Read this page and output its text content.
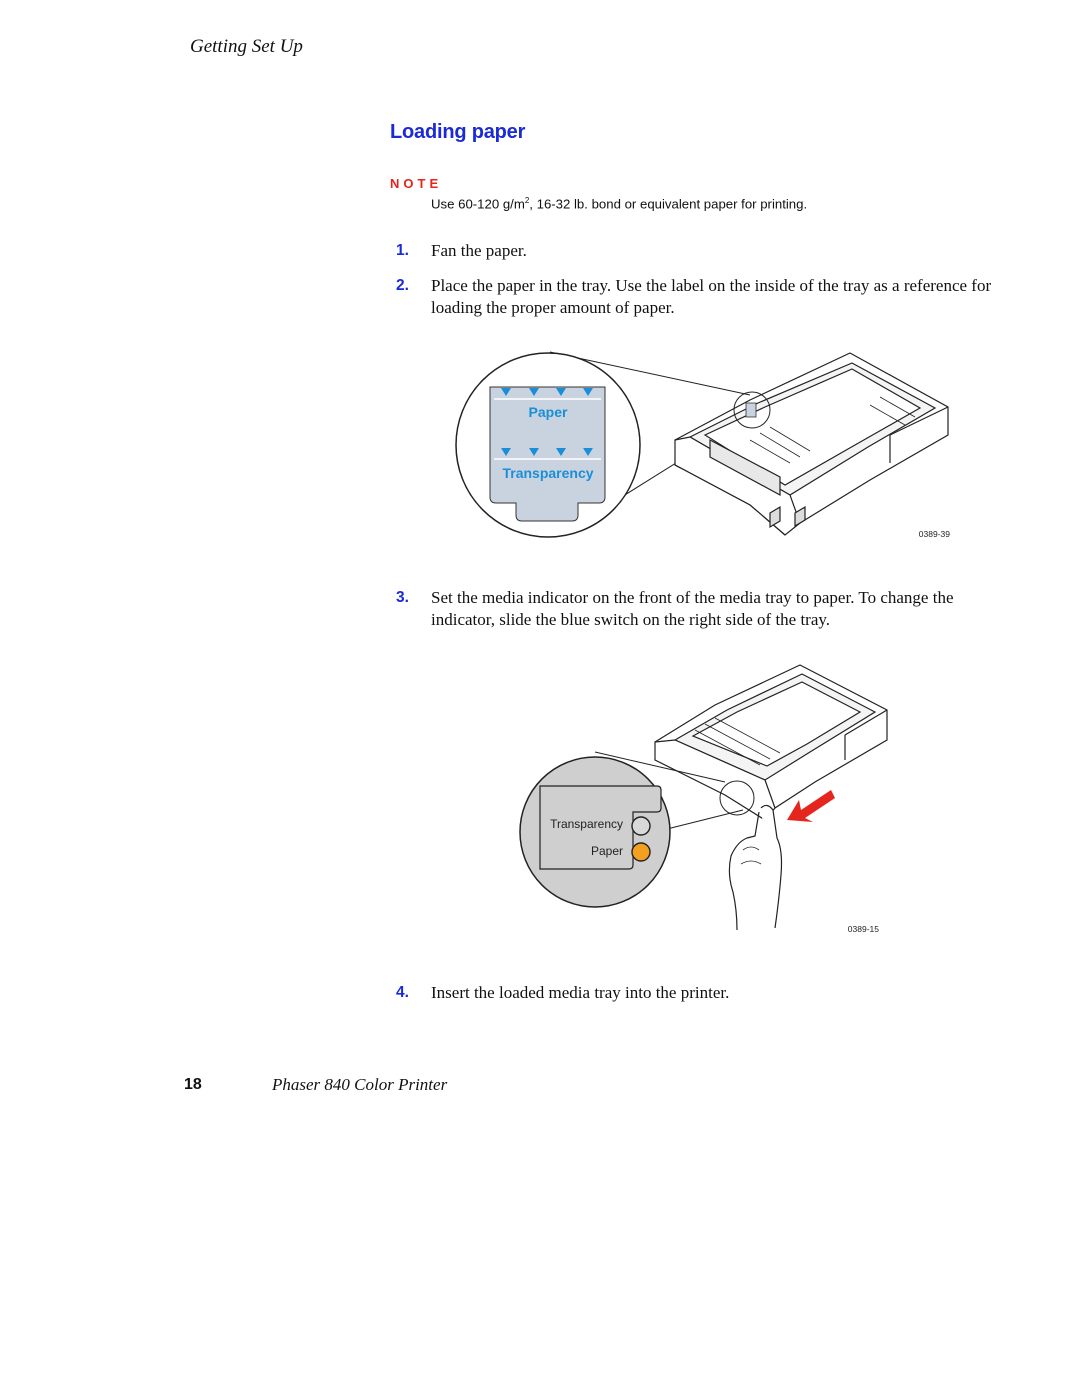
Getting Set Up
Loading paper
NOTE
Use 60-120 $g/m^2$, 16-32 lb. bond or equivalent paper for printing.
1. Fan the paper.
2. Place the paper in the tray. Use the label on the inside of the tray as a reference for loading the proper amount of paper.
Paper
Transparency
0389-39
3. Set the media indicator on the front of the media tray to paper. To change the indicator, slide the blue switch on the right side of the tray.
Transparency
Paper
0389-15
4. Insert the loaded media tray into the printer.
18	Phaser 840 Color Printer
